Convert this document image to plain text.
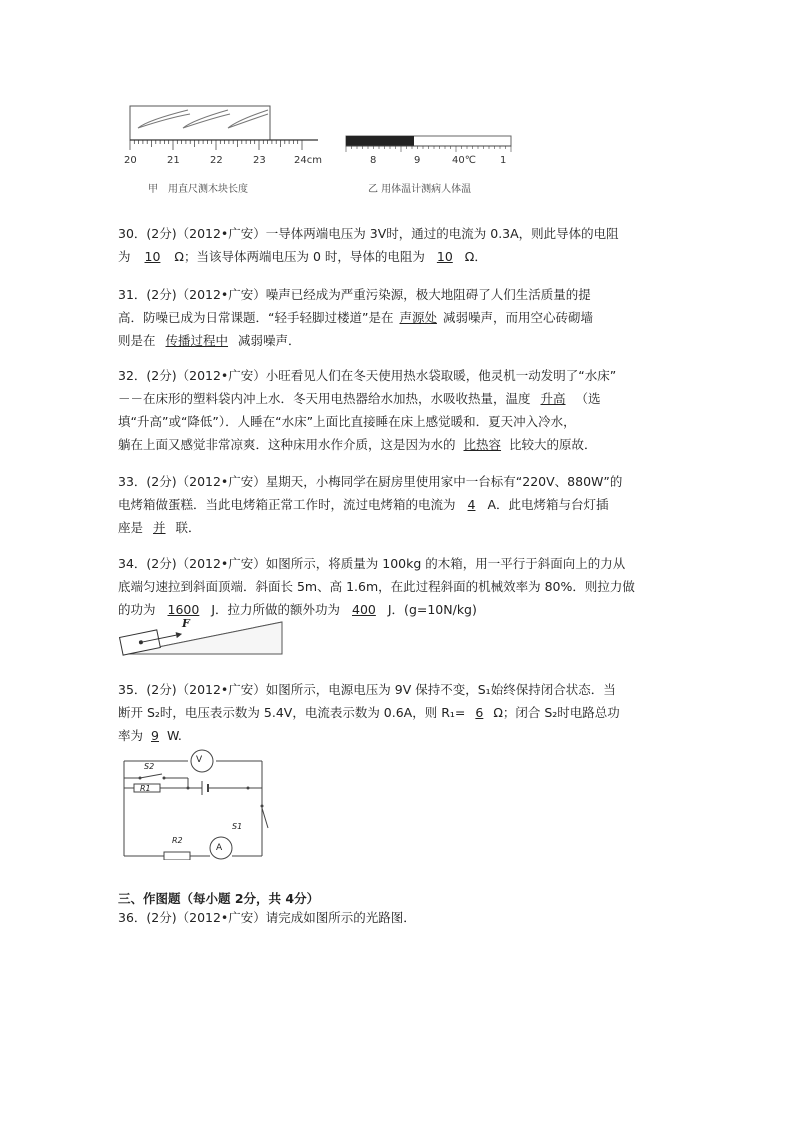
20	21	22	23	24cm
甲　用直尺测木块长度
8	9	40℃ 1
乙 用体温计测病人体温
30．(2分)（2012•广安）一导体两端电压为 3V时，通过的电流为 0.3A，则此导体的电阻
为 10 Ω；当该导体两端电压为 0 时，导体的电阻为 10 Ω．
31．(2分)（2012•广安）噪声已经成为严重污染源，极大地阻碍了人们生活质量的提
高．防噪已成为日常课题．“轻手轻脚过楼道”是在 声源处 减弱噪声，而用空心砖砌墙
则是在 传播过程中 减弱噪声．
32．(2分)（2012•广安）小旺看见人们在冬天使用热水袋取暖，他灵机一动发明了“水床”
－－在床形的塑料袋内冲上水．冬天用电热器给水加热，水吸收热量，温度 升高 （选
填“升高”或“降低”）．人睡在“水床”上面比直接睡在床上感觉暖和．夏天冲入冷水，
躺在上面又感觉非常凉爽．这种床用水作介质，这是因为水的 比热容 比较大的原故．
33．(2分)（2012•广安）星期天，小梅同学在厨房里使用家中一台标有“220V、880W”的
电烤箱做蛋糕．当此电烤箱正常工作时，流过电烤箱的电流为 4 A．此电烤箱与台灯插
座是 并 联．
34．(2分)（2012•广安）如图所示，将质量为 100kg 的木箱，用一平行于斜面向上的力从
底端匀速拉到斜面顶端．斜面长 5m、高 1.6m，在此过程斜面的机械效率为 80%．则拉力做
的功为 1600 J．拉力所做的额外功为 400 J．(g=10N/kg)
F
35．(2分)（2012•广安）如图所示，电源电压为 9V 保持不变，S₁始终保持闭合状态．当
断开 S₂时，电压表示数为 5.4V，电流表示数为 0.6A，则 R₁= 6 Ω；闭合 S₂时电路总功
率为 9 W.
V
A
S2
R1
S1
R2
三、作图题（每小题 2分，共 4分）
36．(2分)（2012•广安）请完成如图所示的光路图．
